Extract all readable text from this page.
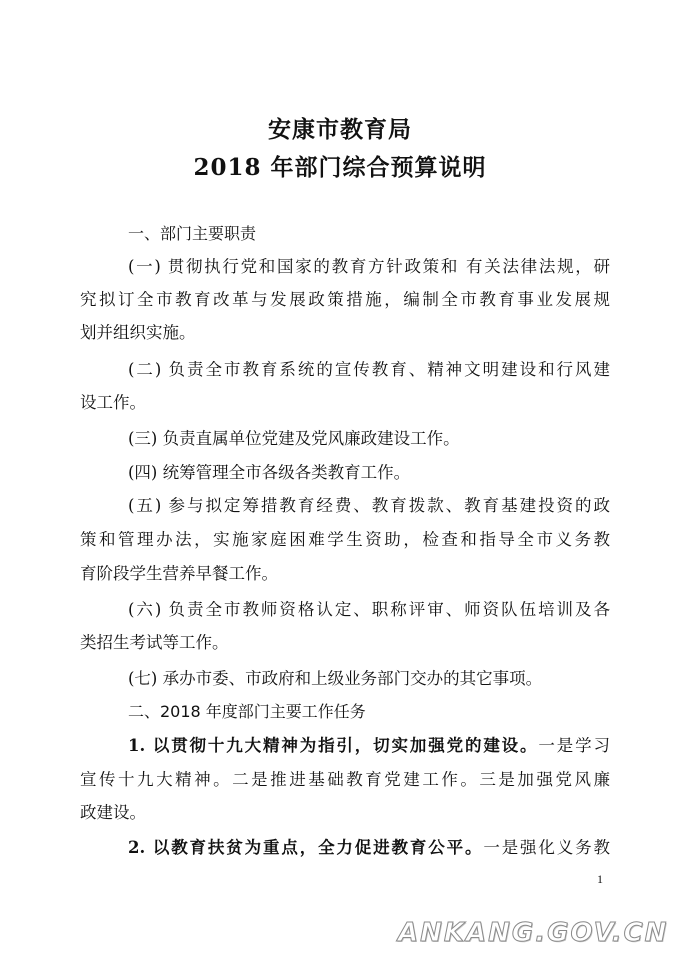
安康市教育局
2018 年部门综合预算说明
一、部门主要职责
(一) 贯彻执行党和国家的教育方针政策和 有关法律法规，研
究拟订全市教育改革与发展政策措施，编制全市教育事业发展规
划并组织实施。
(二) 负责全市教育系统的宣传教育、精神文明建设和行风建
设工作。
(三) 负责直属单位党建及党风廉政建设工作。
(四) 统筹管理全市各级各类教育工作。
(五) 参与拟定筹措教育经费、教育拨款、教育基建投资的政
策和管理办法，实施家庭困难学生资助，检查和指导全市义务教
育阶段学生营养早餐工作。
(六) 负责全市教师资格认定、职称评审、师资队伍培训及各
类招生考试等工作。
(七) 承办市委、市政府和上级业务部门交办的其它事项。
二、2018 年度部门主要工作任务
1. 以贯彻十九大精神为指引，切实加强党的建设。一是学习
宣传十九大精神。二是推进基础教育党建工作。三是加强党风廉
政建设。
2. 以教育扶贫为重点，全力促进教育公平。一是强化义务教
1
ANKANG.GOV.CN
